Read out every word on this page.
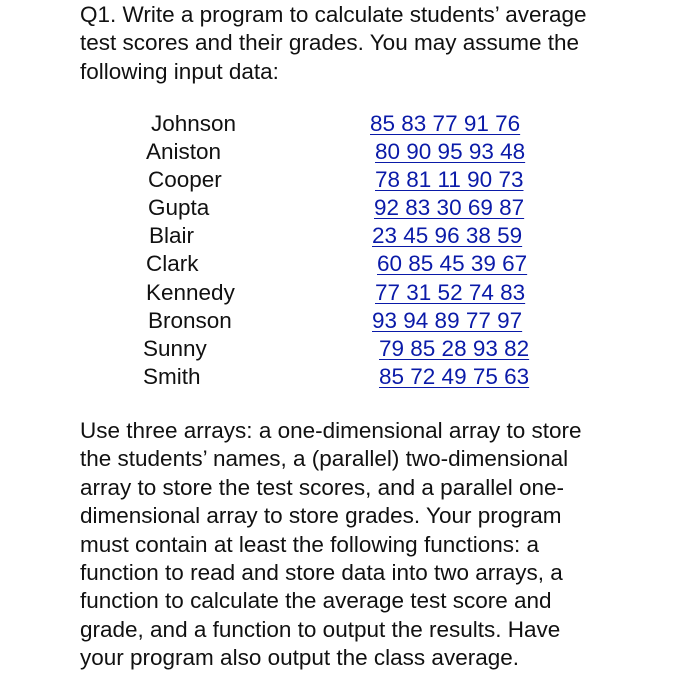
Q1. Write a program to calculate students’ average
test scores and their grades. You may assume the
following input data:

Johnson	85 83 77 91 76
Aniston	80 90 95 93 48
Cooper	78 81 11 90 73
Gupta	92 83 30 69 87
Blair	23 45 96 38 59
Clark	60 85 45 39 67
Kennedy	77 31 52 74 83
Bronson	93 94 89 77 97
Sunny	79 85 28 93 82
Smith	85 72 49 75 63

Use three arrays: a one-dimensional array to store
the students’ names, a (parallel) two-dimensional
array to store the test scores, and a parallel one-
dimensional array to store grades. Your program
must contain at least the following functions: a
function to read and store data into two arrays, a
function to calculate the average test score and
grade, and a function to output the results. Have
your program also output the class average.
